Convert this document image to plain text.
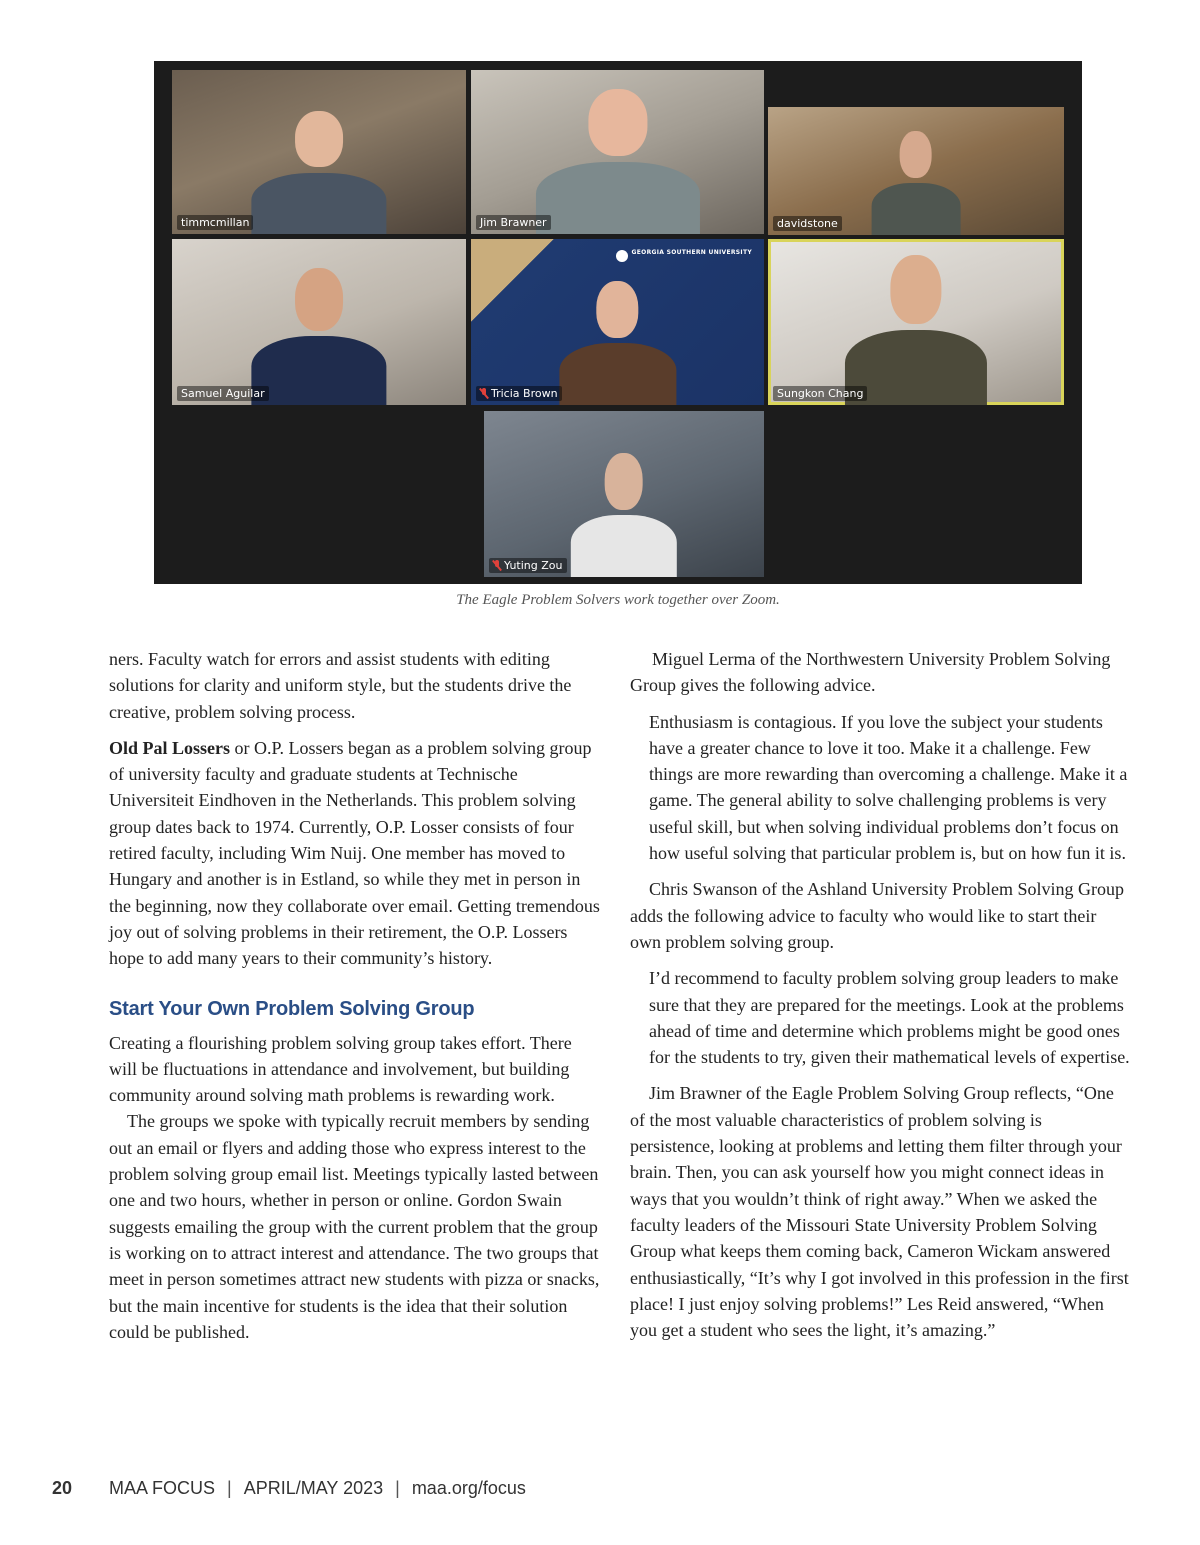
timmcmillan	Jim Brawner	davidstone
Samuel Aguilar
GEORGIA SOUTHERN UNIVERSITY
Tricia Brown	Sungkon Chang
Yuting Zou
The Eagle Problem Solvers work together over Zoom.

ners. Faculty watch for errors and assist students with editing solutions for clarity and uniform style, but the students drive the creative, problem solving process.

Old Pal Lossers or O.P. Lossers began as a problem solving group of university faculty and graduate students at Technische Universiteit Eindhoven in the Netherlands. This problem solving group dates back to 1974. Currently, O.P. Losser consists of four retired faculty, including Wim Nuij. One member has moved to Hungary and another is in Estland, so while they met in person in the beginning, now they collaborate over email. Getting tremendous joy out of solving problems in their retirement, the O.P. Lossers hope to add many years to their community’s history.

Start Your Own Problem Solving Group

Creating a flourishing problem solving group takes effort. There will be fluctuations in attendance and involvement, but building community around solving math problems is rewarding work.

The groups we spoke with typically recruit members by sending out an email or flyers and adding those who express interest to the problem solving group email list. Meetings typically lasted between one and two hours, whether in person or online. Gordon Swain suggests emailing the group with the current problem that the group is working on to attract interest and attendance. The two groups that meet in person sometimes attract new students with pizza or snacks, but the main incentive for students is the idea that their solution could be published.

Miguel Lerma of the Northwestern University Problem Solving Group gives the following advice.

Enthusiasm is contagious. If you love the subject your students have a greater chance to love it too. Make it a challenge. Few things are more rewarding than overcoming a challenge. Make it a game. The general ability to solve challenging problems is very useful skill, but when solving individual problems don’t focus on how useful solving that particular problem is, but on how fun it is.

Chris Swanson of the Ashland University Problem Solving Group adds the following advice to faculty who would like to start their own problem solving group.

I’d recommend to faculty problem solving group leaders to make sure that they are prepared for the meetings. Look at the problems ahead of time and determine which problems might be good ones for the students to try, given their mathematical levels of expertise.

Jim Brawner of the Eagle Problem Solving Group reflects, “One of the most valuable characteristics of problem solving is persistence, looking at problems and letting them filter through your brain. Then, you can ask yourself how you might connect ideas in ways that you wouldn’t think of right away.” When we asked the faculty leaders of the Missouri State University Problem Solving Group what keeps them coming back, Cameron Wickam answered enthusiastically, “It’s why I got involved in this profession in the first place! I just enjoy solving problems!” Les Reid answered, “When you get a student who sees the light, it’s amazing.”

20	MAA FOCUS | APRIL/MAY 2023 | maa.org/focus
